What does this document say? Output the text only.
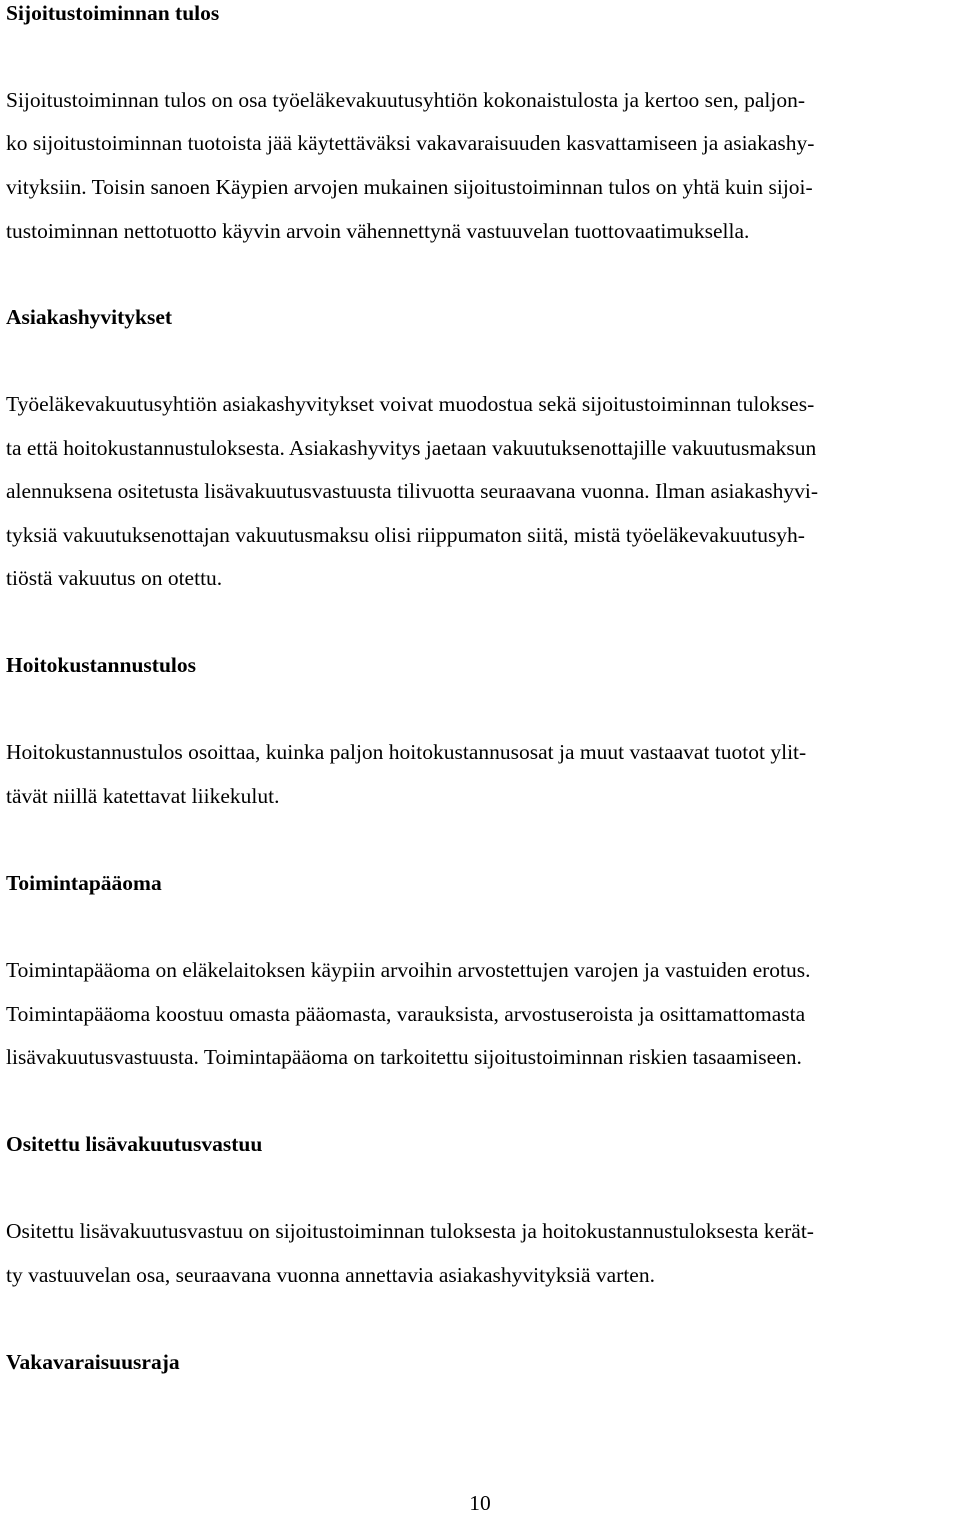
Sijoitustoiminnan tulos

Sijoitustoiminnan tulos on osa työeläkevakuutusyhtiön kokonaistulosta ja kertoo sen, paljon-

ko sijoitustoiminnan tuotoista jää käytettäväksi vakavaraisuuden kasvattamiseen ja asiakashy-

vityksiin. Toisin sanoen Käypien arvojen mukainen sijoitustoiminnan tulos on yhtä kuin sijoi-

tustoiminnan nettotuotto käyvin arvoin vähennettynä vastuuvelan tuottovaatimuksella.

Asiakashyvitykset

Työeläkevakuutusyhtiön asiakashyvitykset voivat muodostua sekä sijoitustoiminnan tulokses-

ta että hoitokustannustuloksesta. Asiakashyvitys jaetaan vakuutuksenottajille vakuutusmaksun

alennuksena ositetusta lisävakuutusvastuusta tilivuotta seuraavana vuonna. Ilman asiakashyvi-

tyksiä vakuutuksenottajan vakuutusmaksu olisi riippumaton siitä, mistä työeläkevakuutusyh-

tiöstä vakuutus on otettu.

Hoitokustannustulos

Hoitokustannustulos osoittaa, kuinka paljon hoitokustannusosat ja muut vastaavat tuotot ylit-

tävät niillä katettavat liikekulut.

Toimintapääoma

Toimintapääoma on eläkelaitoksen käypiin arvoihin arvostettujen varojen ja vastuiden erotus.

Toimintapääoma koostuu omasta pääomasta, varauksista, arvostuseroista ja osittamattomasta

lisävakuutusvastuusta. Toimintapääoma on tarkoitettu sijoitustoiminnan riskien tasaamiseen.

Ositettu lisävakuutusvastuu

Ositettu lisävakuutusvastuu on sijoitustoiminnan tuloksesta ja hoitokustannustuloksesta kerät-

ty vastuuvelan osa, seuraavana vuonna annettavia asiakashyvityksiä varten.

Vakavaraisuusraja
10
